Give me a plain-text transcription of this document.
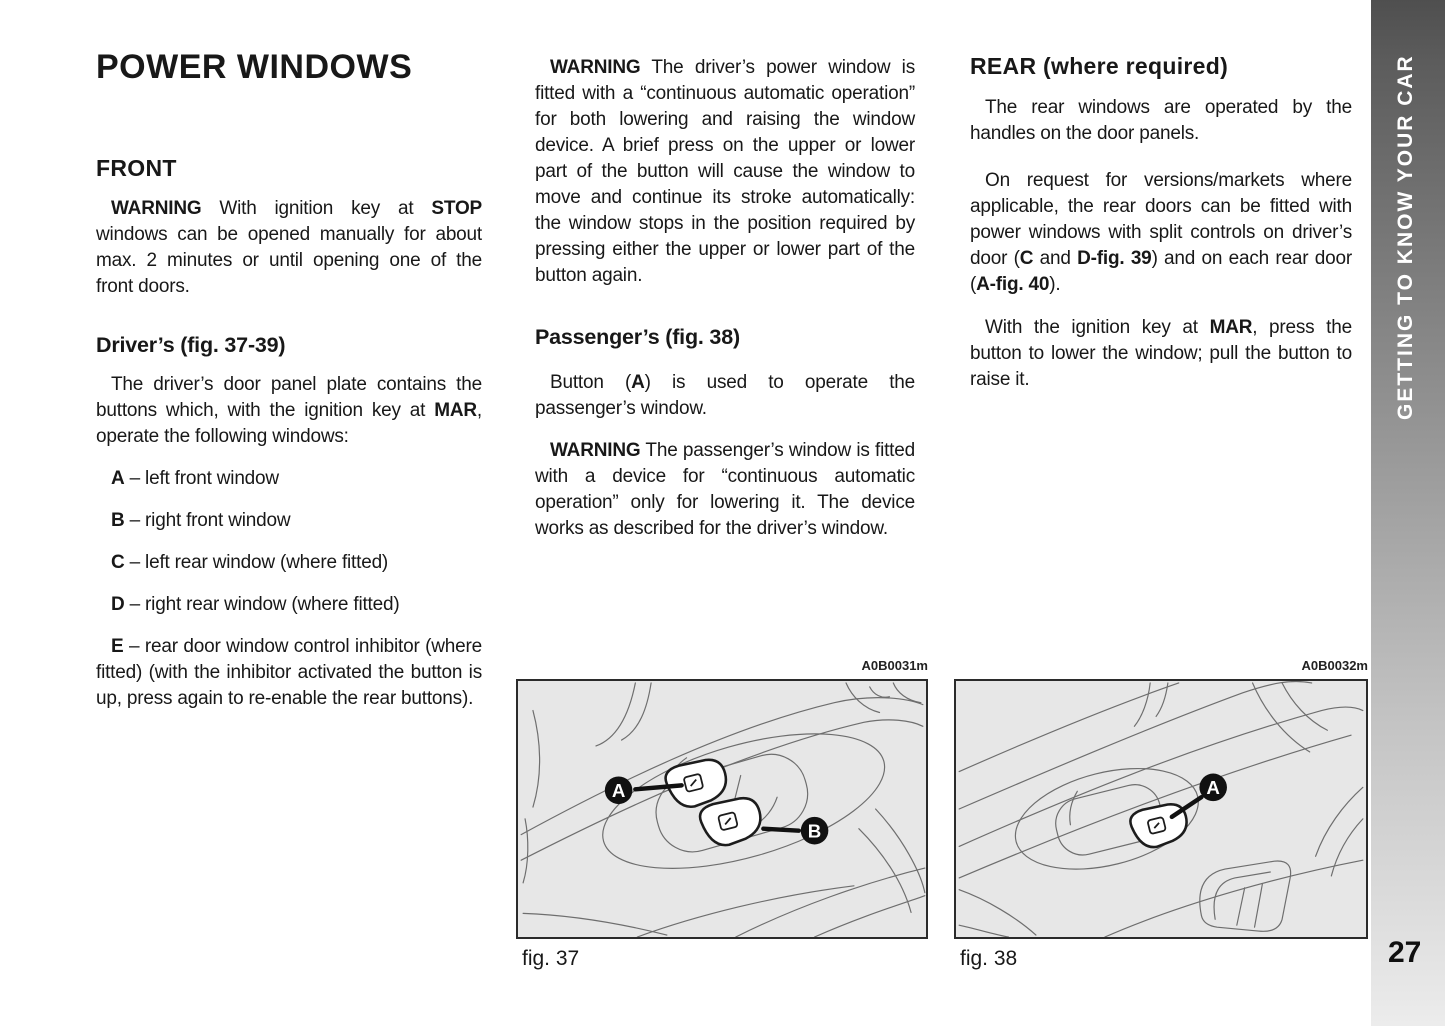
POWER WINDOWS
FRONT

WARNING With ignition key at STOP windows can be opened manually for about max. 2 minutes or until opening one of the front doors.

Driver’s (fig. 37-39)

The driver’s door panel plate contains the buttons which, with the ignition key at MAR, operate the following windows:

A – left front window

B – right front window

C – left rear window (where fitted)

D – right rear window (where fitted)

E – rear door window control inhibitor (where fitted) (with the inhibitor activated the button is up, press again to re-enable the rear buttons).

WARNING The driver’s power window is fitted with a “continuous automatic operation” for both lowering and raising the window device. A brief press on the upper or lower part of the button will cause the window to move and continue its stroke automatically: the window stops in the position required by pressing either the upper or lower part of the button again.

Passenger’s (fig. 38)

Button (A) is used to operate the passenger’s window.

WARNING The passenger’s window is fitted with a device for “continuous automatic operation” only for lowering it. The device works as described for the driver’s window.

REAR (where required)

The rear windows are operated by the handles on the door panels.

On request for versions/markets where applicable, the rear doors can be fitted with power windows with split controls on driver’s door (C and D-fig. 39) and on each rear door (A-fig. 40).

With the ignition key at MAR, press the button to lower the window; pull the button to raise it.

A0B0031m
A
B
fig. 37
A0B0032m
A
fig. 38
GETTING TO KNOW YOUR CAR
27
